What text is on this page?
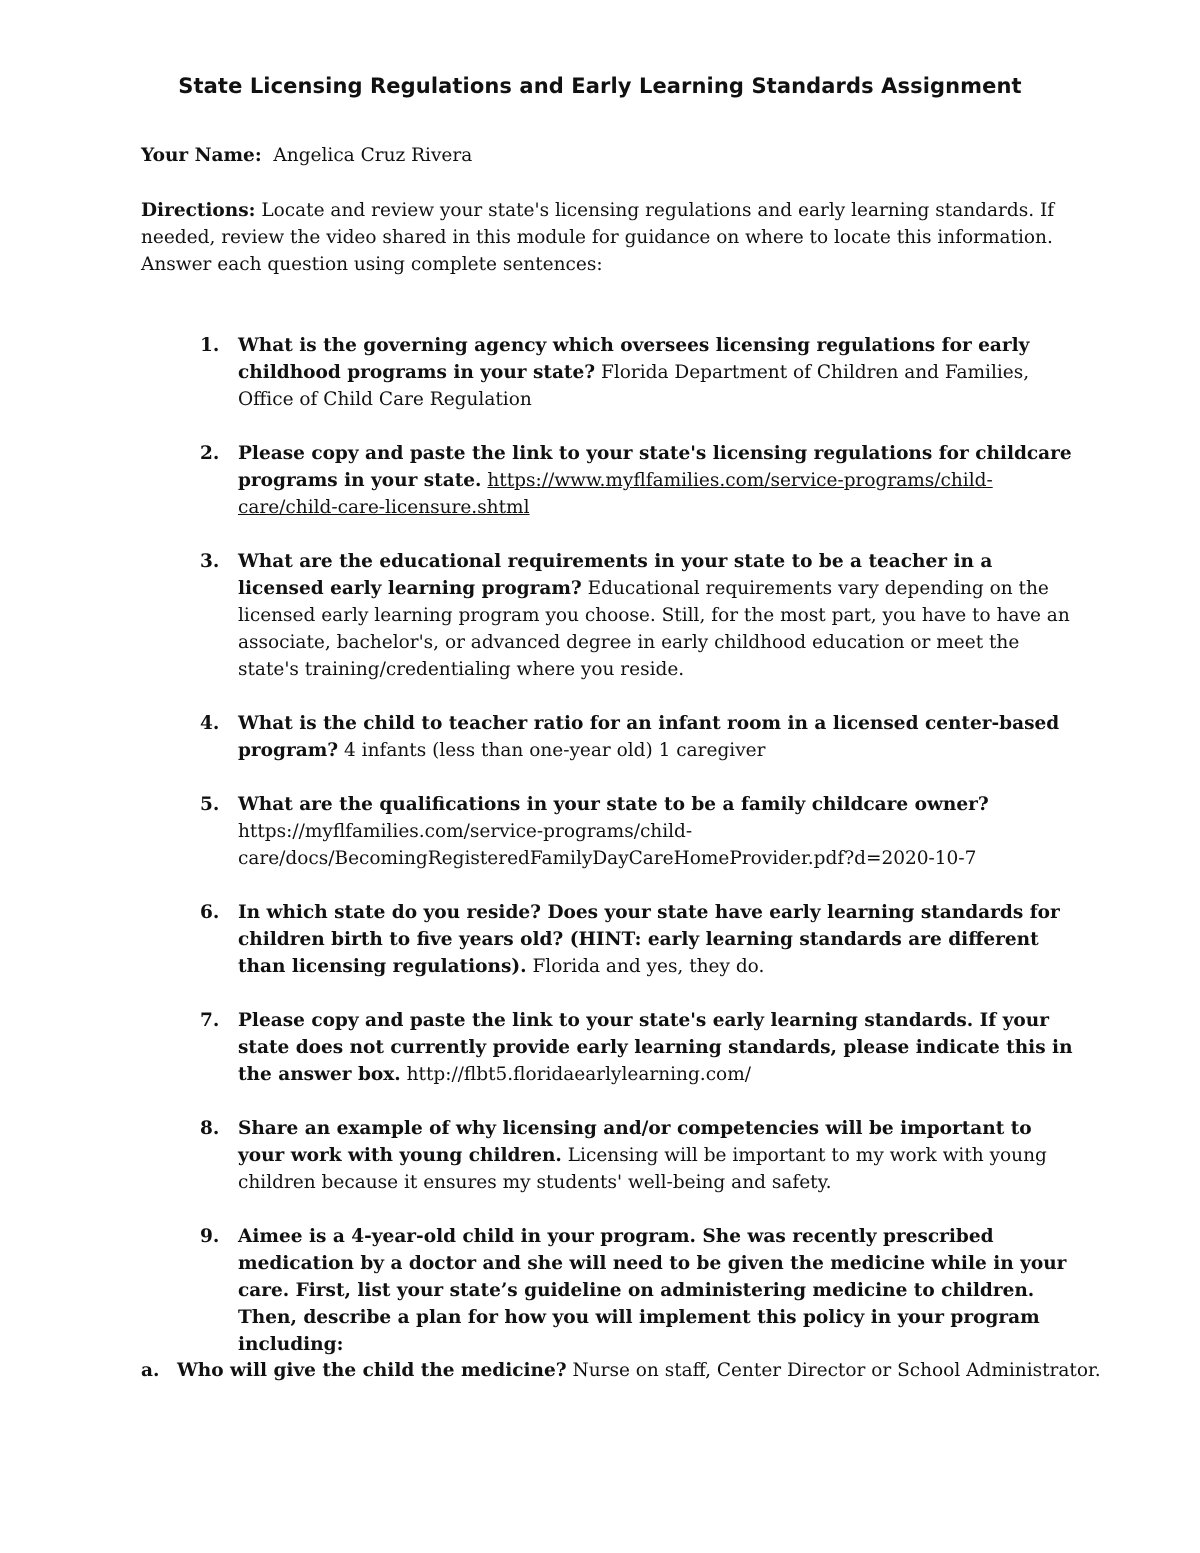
State Licensing Regulations and Early Learning Standards Assignment

Your Name: Angelica Cruz Rivera

Directions: Locate and review your state's licensing regulations and early learning standards. If needed, review the video shared in this module for guidance on where to locate this information. Answer each question using complete sentences:

1. What is the governing agency which oversees licensing regulations for early childhood programs in your state? Florida Department of Children and Families, Office of Child Care Regulation
2. Please copy and paste the link to your state's licensing regulations for childcare programs in your state. https://www.myflfamilies.com/service-programs/child-care/child-care-licensure.shtml
3. What are the educational requirements in your state to be a teacher in a licensed early learning program? Educational requirements vary depending on the licensed early learning program you choose. Still, for the most part, you have to have an associate, bachelor's, or advanced degree in early childhood education or meet the state's training/credentialing where you reside.
4. What is the child to teacher ratio for an infant room in a licensed center-based program? 4 infants (less than one-year old) 1 caregiver
5. What are the qualifications in your state to be a family childcare owner? https://myflfamilies.com/service-programs/child-care/docs/BecomingRegisteredFamilyDayCareHomeProvider.pdf?d=2020-10-7
6. In which state do you reside? Does your state have early learning standards for children birth to five years old? (HINT: early learning standards are different than licensing regulations). Florida and yes, they do.
7. Please copy and paste the link to your state's early learning standards. If your state does not currently provide early learning standards, please indicate this in the answer box. http://flbt5.floridaearlylearning.com/
8. Share an example of why licensing and/or competencies will be important to your work with young children. Licensing will be important to my work with young children because it ensures my students' well-being and safety.
9. Aimee is a 4-year-old child in your program. She was recently prescribed medication by a doctor and she will need to be given the medicine while in your care. First, list your state’s guideline on administering medicine to children. Then, describe a plan for how you will implement this policy in your program including:

a. Who will give the child the medicine? Nurse on staff, Center Director or School Administrator.
